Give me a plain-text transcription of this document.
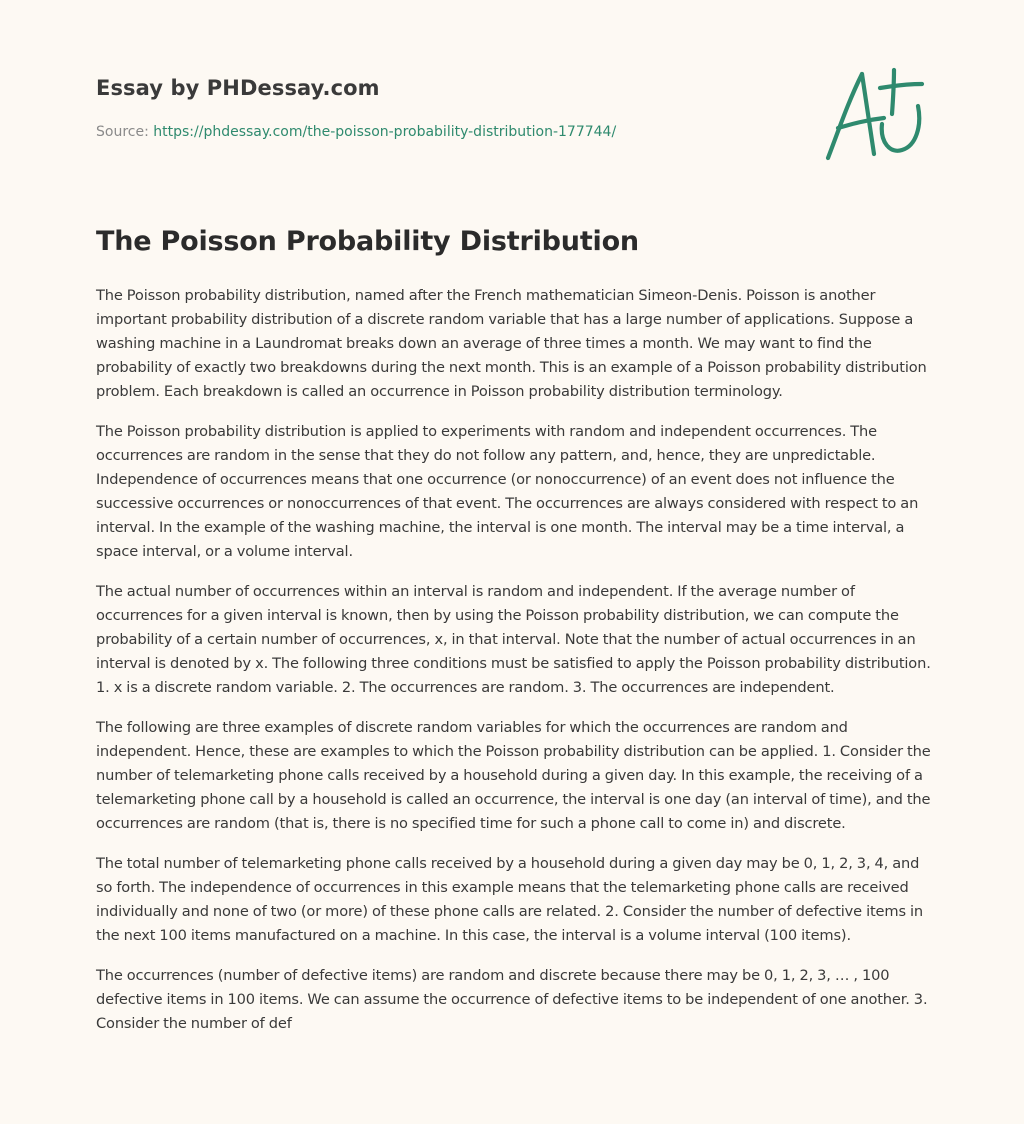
Essay by PHDessay.com
Source: https://phdessay.com/the-poisson-probability-distribution-177744/
The Poisson Probability Distribution

The Poisson probability distribution, named after the French mathematician Simeon-Denis. Poisson is another important probability distribution of a discrete random variable that has a large number of applications. Suppose a washing machine in a Laundromat breaks down an average of three times a month. We may want to find the probability of exactly two breakdowns during the next month. This is an example of a Poisson probability distribution problem. Each breakdown is called an occurrence in Poisson probability distribution terminology.

The Poisson probability distribution is applied to experiments with random and independent occurrences. The occurrences are random in the sense that they do not follow any pattern, and, hence, they are unpredictable. Independence of occurrences means that one occurrence (or nonoccurrence) of an event does not influence the successive occurrences or nonoccurrences of that event. The occurrences are always considered with respect to an interval. In the example of the washing machine, the interval is one month. The interval may be a time interval, a space interval, or a volume interval.

The actual number of occurrences within an interval is random and independent. If the average number of occurrences for a given interval is known, then by using the Poisson probability distribution, we can compute the probability of a certain number of occurrences, x, in that interval. Note that the number of actual occurrences in an interval is denoted by x. The following three conditions must be satisfied to apply the Poisson probability distribution. 1. x is a discrete random variable. 2. The occurrences are random. 3. The occurrences are independent.

The following are three examples of discrete random variables for which the occurrences are random and independent. Hence, these are examples to which the Poisson probability distribution can be applied. 1. Consider the number of telemarketing phone calls received by a household during a given day. In this example, the receiving of a telemarketing phone call by a household is called an occurrence, the interval is one day (an interval of time), and the occurrences are random (that is, there is no specified time for such a phone call to come in) and discrete.

The total number of telemarketing phone calls received by a household during a given day may be 0, 1, 2, 3, 4, and so forth. The independence of occurrences in this example means that the telemarketing phone calls are received individually and none of two (or more) of these phone calls are related. 2. Consider the number of defective items in the next 100 items manufactured on a machine. In this case, the interval is a volume interval (100 items).

The occurrences (number of defective items) are random and discrete because there may be 0, 1, 2, 3, … , 100 defective items in 100 items. We can assume the occurrence of defective items to be independent of one another. 3. Consider the number of def
